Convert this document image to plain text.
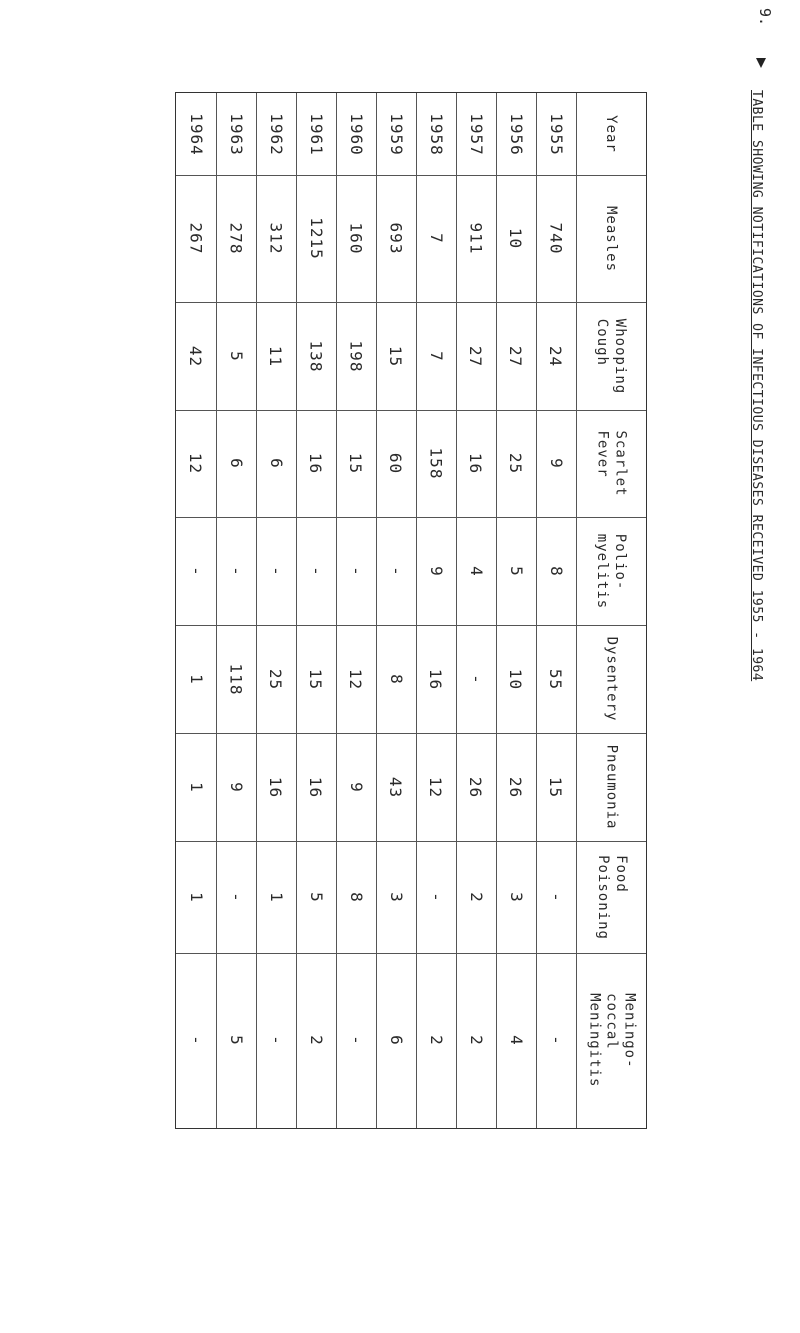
9.
TABLE SHOWING NOTIFICATIONS OF INFECTIOUS DISEASES RECEIVED 1955 - 1964
Year
Measles
Whooping
Cough
Scarlet
Fever
Polio-
myelitis
Dysentery
Pneumonia
Food
Poisoning
Meningo-
coccal
Meningitis
1955
740
24
9
8
55
15
-
-
1956
10
27
25
5
10
26
3
4
1957
911
27
16
4
-
26
2
2
1958
7
7
158
9
16
12
-
2
1959
693
15
60
-
8
43
3
6
1960
160
198
15
-
12
9
8
-
1961
1215
138
16
-
15
16
5
2
1962
312
11
6
-
25
16
1
-
1963
278
5
6
-
118
9
-
5
1964
267
42
12
-
1
1
1
-
